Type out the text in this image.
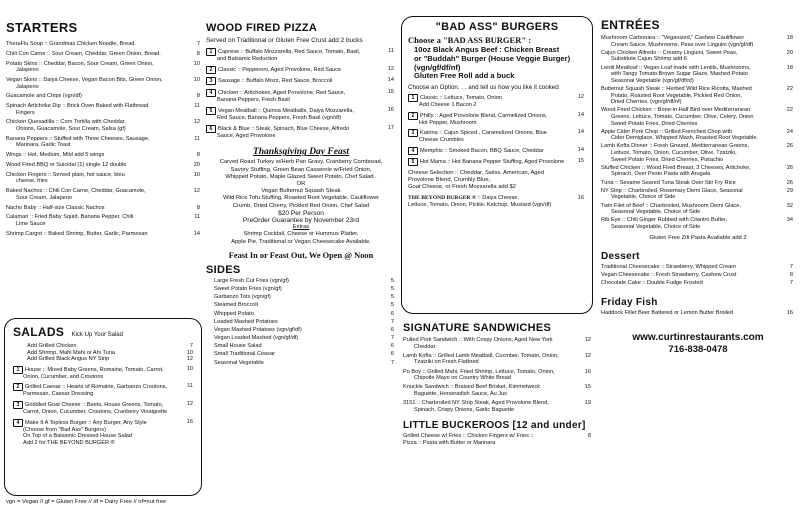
STARTERS
TheraFlu Soup :: Grandmas Chicken Noodle, Bread.	7
Chili Con Carne :: Sour Cream, Cheddar, Green Onion, Bread.	8
Potato Skins :: Cheddar, Bacon, Sour Cream, Green Onion,
Jalapeno
10
Vegan Skins :: Daiya Cheese, Vegan Bacon Bits, Green Onion,
Jalapeno
10
Guacamole and Chips (vgn/df)	8
Spinach Artichoke Dip :: Brick Oven Baked with Flatbread
Fingers
11
Chicken Quesadilla :: Corn Tortilla with Cheddar,
Onions, Guacamole, Sour Cream, Salsa (gf)
12
Banana Peppers :: Stuffed with Three Cheeses, Sausage,
Marinara, Garlic Toast
11
Wings :: Hot, Medium, Mild add 5 wings	8
Wood Fired BBQ or Suicidal (1) single 12 double	20
Chicken Fingers :: Served plain, hot sauce, bleu
cheese, fries
10
Baked Nachos :: Chili Con Carne, Cheddar, Guacamole,
Sour Cream, Jalapeno
12
Nacho Baby :: Half-size Classic Nachos	8
Calamari :: Fried Baby Squid, Banana Pepper, Chili
Lime Sauce
11
Shrimp Cargot :: Baked Shrimp, Butter, Garlic, Parmesan	14
SALADS Kick Up Your Salad
Add Grilled Chicken	7
Add Shrimp, Mahi Mahi or Ahi Tuna	10
Add Grilled Black Angus NY Strip	12
1 House :: Mixed Baby Greens, Romaine, Tomato, Carrot,
Onion, Cucumber, and Croutons
10
2 Grilled Caesar :: Hearts of Romaine, Garbanzo Croutons,
Parmesan, Caesar Dressing
11
3 Griddled Goat Cheese :: Beets, House Greens, Tomato,
Carrot, Onion, Cucumber, Croutons, Cranberry Vinaigrette
12
4 Make It A Topless Burger :: Any Burger, Any Style
(Choose from "Bad Ass" Burgers)
On Top of a Balsamic Dressed House Salad
Add 2 for THE BEYOND BURGER ®
16
vgn = Vegan // gf = Gluten Free // df = Dairy Free // nf=nut free
WOOD FIRED PIZZA
Served on Traditional or Gluten Free Crust add 2 bucks
1 Caprese :: Buffalo Mozzarella, Red Sauce, Tomato, Basil,
and Balsamic Reduction
11
2 Classic :: Pepperoni, Aged Provolone, Red Sauce	12
3 Sausage :: Buffalo Mozz, Red Sauce, Broccoli	14
4 Chicken :: Artichokes, Aged Provolone, Red Sauce,
Banana Peppers, Fresh Basil
15
5 Vegan Meatball :: Quinoa Meatballs, Daiya Mozzarella,
Red Sauce, Banana Peppers, Fresh Basil (vgn/df)
16
6 Black & Blue :: Steak, Spinach, Blue Cheese, Alfredo
Sauce, Aged Provolone
17
Thanksgiving Day Feast
Carved Roast Turkey w/Herb Pan Gravy, Cranberry Cornbread,
Savory Stuffing, Green Bean Casserole w/Fried Onion,
Whipped Potato, Maple Glazed Sweet Potato, Chef Salad .
OR
Vegan Butternut Squash Steak
Wild Rice Tofu Stuffing, Roasted Root Vegetable, Cauliflower
Crumb, Dried Cherry, Pickled Red Onion, Chef Salad
$20 Per Person
PreOrder Guarantee by November 23rd
Extras
Shrimp Cocktail, Cheese or Hummus Platter,
Apple Pie, Traditional or Vegan Cheesecake Available.
Feast In or Feast Out, We Open @ Noon
SIDES
Large Fresh Cut Fries (vgn/gf)	5
Sweet Potato Fries (vgn/gf)	5
Garbanzo Tots (vgn/gf)	5
Steamed Broccoli	5
Whipped Potato	6
Loaded Mashed Potatoes	7
Vegan Mashed Potatoes (vgn/gf/df)	6
Vegan Loaded Mashed (vgn/gf/df)	7
Small House Salad	6
Small Traditional Ceasar	6
Seasonal Vegetable	7
"BAD ASS" BURGERS
Choose a "BAD ASS BURGER" :
10oz Black Angus Beef : Chicken Breast
or "Buddah" Burger (House Veggie Burger) (vgn/gf/df/nf)
Gluten Free Roll add a buck
Choose an Option. . . and tell us how you like it cooked
1 Classic :: Lettuce, Tomato, Onion
Add Cheese 1 Bacon 2
12
2 Philly :: Aged Provolone Blend, Carmelized Onions,
Hot Pepper, Mushroom
14
3 Katrina :: Cajun Spiced , Caramelized Onions, Blue
Cheese Crumbles
14
4 Memphis :: Smoked Bacon, BBQ Sauce, Cheddar	14
5 Hot Mama :: Hot Banana Pepper Stuffing, Aged Provolone 15
Cheese Selection :: Cheddar, Swiss, American, Aged
Provolone Blend, Crumbly Blue,
Goat Cheese, or Fresh Mozzarella add $2
THE BEYOND BURGER ® :: Daiya Cheese,
Lettuce, Tomato, Onion, Pickle, Ketchup, Mustard (vgn/df)
16
SIGNATURE SANDWICHES
Pulled Pork Sandwich :: With Crispy Onions, Aged New York
Cheddar
12
Lamb Kofta :: Grilled Lamb Meatball, Cucmber, Tomato, Onion,
Tzatziki on Fresh Flatbred
12
Po Boy :: Grilled Mahi, Fried Shrimp, Lettuce, Tomato, Onion,
Chipotle Mayo on Country White Bread
16
Knuckle Sandwich :: Braised Beef Brisket, Kimmelweck
Baguette, Horseradish Sauce, Au Jus
15
3151 :: Charbroiled NY Strip Steak, Aged Provolone Blend,
Spinach, Crispy Onions, Garlic Baguette
19
LITTLE BUCKEROOS [12 and under]
Grilled Cheese w/ Fries :: Chicken Fingers w/ Fries ::
Pizza :: Pasta with Butter or Marinara
8
ENTRÉES
Mushroom Carbonara :: "Veganized," Cashew Cauliflower
Cream Sauce, Mushrooms, Peas over Linguini (vgn/gf/df)
18
Cajun Chicken Alfredo :: Creamy Linguini, Sweet Peas,
Substitute Cajun Shrimp add 6
20
Lentil Meatloaf :: Vegan Loaf made with Lentils, Mushrooms,
with Tangy Tomato Brown Sugar Glaze, Mashed Potato
Seasonal Vegetable (vgn/gf/df/nf)
18
Butternut Squash Steak :: Herbed Wild Rice Ricotta, Mashed
Potato, Roasted Root Vegetable, Pickled Red Onion,
Dried Cherries. (vgn/gf/df/nf)
22
Wood Fired Chicken :: Bone-in Half Bird over Mediterranean
Greens, Lettuce, Tomato, Cucumber, Olive, Celery, Onion
Sweet Potato Fries, Dried Cherries
22
Apple Cider Pork Chop :: Grilled Frenched Chop with
Cider Demiglace, Whipped Mash, Roasted Root Vegetable.
24
Lamb Kofta Dinner :: Fresh Ground, Mediterranean Greens,
Lettuce, Tomato, Onion, Cucumber, Olive, Tzatziki,
Sweet Potato Fries, Dried Cherries, Pistachio
26
Stuffed Chicken :: Wood Fired Breast, 3 Cheeses, Artichoke,
Spinach, Over Pesto Pasta with Arugala
26
Tuna :: Sesame Seared Tuna Steak Over Stir Fry Rice	26
NY Strip :: Charbroiled, Rosemary Demi Glace, Seasonal
Vegetable, Choice of Side
29
Twin Filet of Beef :: Charbroiled, Mushroom Demi Glace,
Seasonal Vegetable, Choice of Side
32
Rib Eye :: Chili Ginger Rubbed with Cilantro Butter,
Seasonal Vegetable, Choice of Side
34
Gluten Free Ziti Pasta Available add 2
Dessert
Traditional Cheesecake :: Strawberry, Whipped Cream	7
Vegan Cheesecake :: Fresh Strawberry, Cashew Crust	8
Chocolate Cake :: Double Fudge Frosted	7
Friday Fish
Haddock Fillet Beer Battered or Lemon Butter Broiled	16
www.curtinrestaurants.com
716-838-0478
